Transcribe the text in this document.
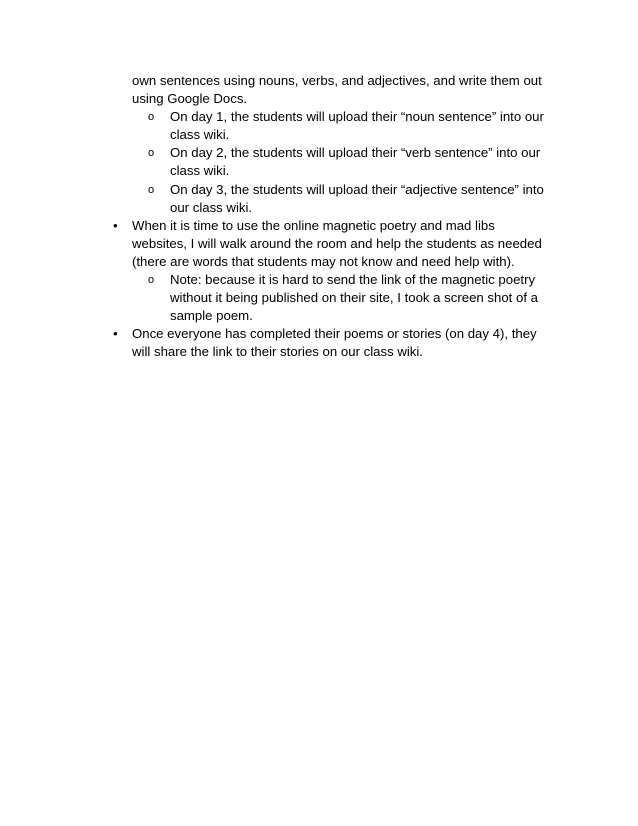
own sentences using nouns, verbs, and adjectives, and write them out using Google Docs.
o On day 1, the students will upload their “noun sentence” into our class wiki.
o On day 2, the students will upload their “verb sentence” into our class wiki.
o On day 3, the students will upload their “adjective sentence” into our class wiki.
•	When it is time to use the online magnetic poetry and mad libs websites, I will walk around the room and help the students as needed (there are words that students may not know and need help with).
o Note: because it is hard to send the link of the magnetic poetry without it being published on their site, I took a screen shot of a sample poem.
•	Once everyone has completed their poems or stories (on day 4), they will share the link to their stories on our class wiki.
